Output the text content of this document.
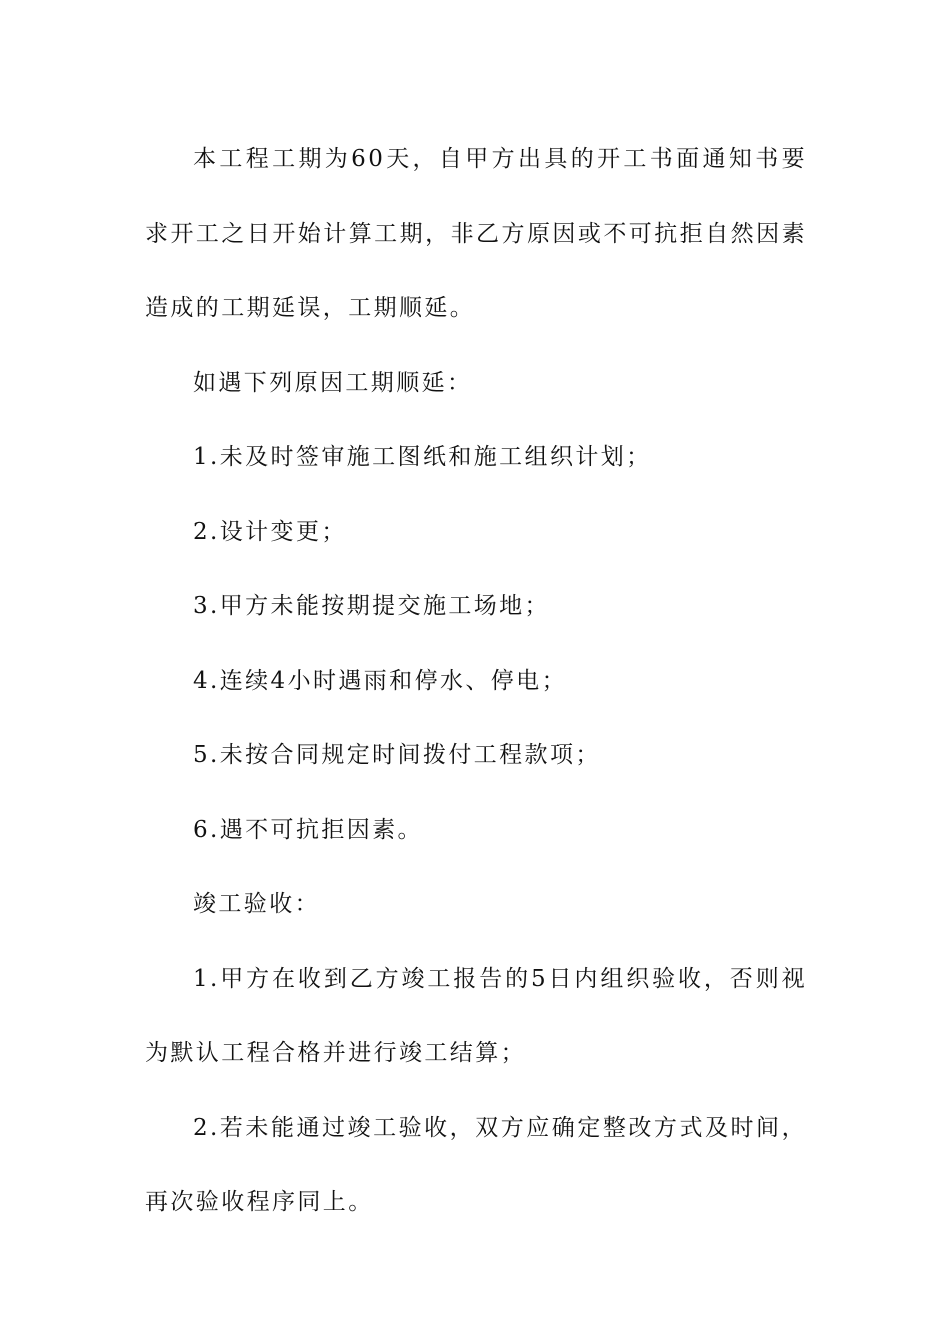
本工程工期为60天，自甲方出具的开工书面通知书要求开工之日开始计算工期，非乙方原因或不可抗拒自然因素造成的工期延误，工期顺延。

如遇下列原因工期顺延：

1.未及时签审施工图纸和施工组织计划；

2.设计变更；

3.甲方未能按期提交施工场地；

4.连续4小时遇雨和停水、停电；

5.未按合同规定时间拨付工程款项；

6.遇不可抗拒因素。

竣工验收：

1.甲方在收到乙方竣工报告的5日内组织验收，否则视为默认工程合格并进行竣工结算；

2.若未能通过竣工验收，双方应确定整改方式及时间，再次验收程序同上。
